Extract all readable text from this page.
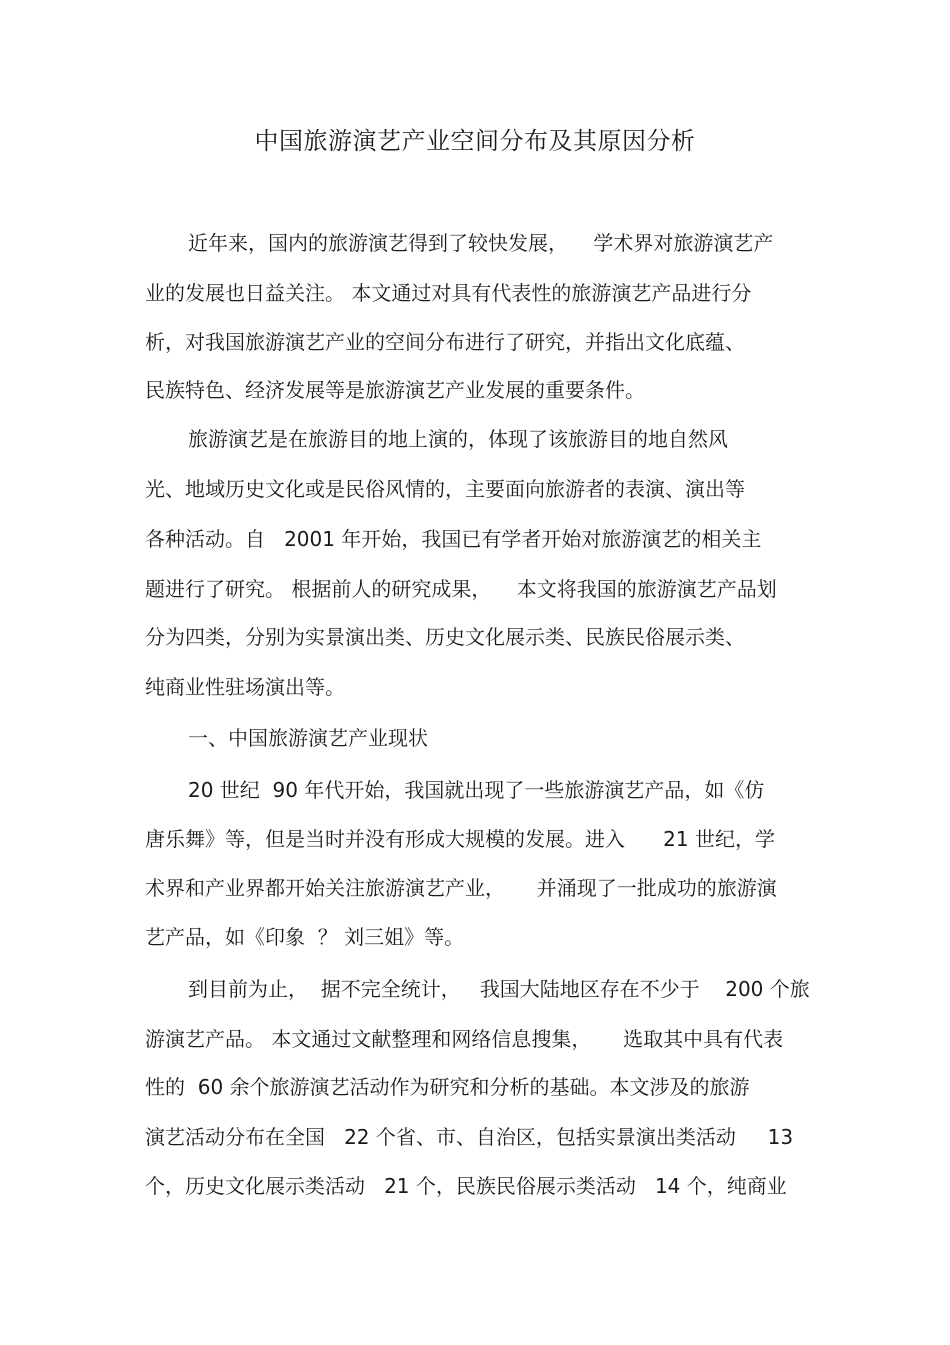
中国旅游演艺产业空间分布及其原因分析
近年来，国内的旅游演艺得到了较快发展，    学术界对旅游演艺产
业的发展也日益关注。 本文通过对具有代表性的旅游演艺产品进行分
析，对我国旅游演艺产业的空间分布进行了研究，并指出文化底蕴、
民族特色、经济发展等是旅游演艺产业发展的重要条件。
旅游演艺是在旅游目的地上演的，体现了该旅游目的地自然风
光、地域历史文化或是民俗风情的，主要面向旅游者的表演、演出等
各种活动。自   2001 年开始，我国已有学者开始对旅游演艺的相关主
题进行了研究。 根据前人的研究成果，    本文将我国的旅游演艺产品划
分为四类，分别为实景演出类、历史文化展示类、民族民俗展示类、
纯商业性驻场演出等。
一、中国旅游演艺产业现状
20 世纪  90 年代开始，我国就出现了一些旅游演艺产品，如《仿
唐乐舞》等，但是当时并没有形成大规模的发展。进入      21 世纪，学
术界和产业界都开始关注旅游演艺产业，     并涌现了一批成功的旅游演
艺产品，如《印象  ？ 刘三姐》等。
到目前为止，  据不完全统计，   我国大陆地区存在不少于    200 个旅
游演艺产品。 本文通过文献整理和网络信息搜集，     选取其中具有代表
性的  60 余个旅游演艺活动作为研究和分析的基础。本文涉及的旅游
演艺活动分布在全国   22 个省、市、自治区，包括实景演出类活动     13
个，历史文化展示类活动   21 个，民族民俗展示类活动   14 个，纯商业
